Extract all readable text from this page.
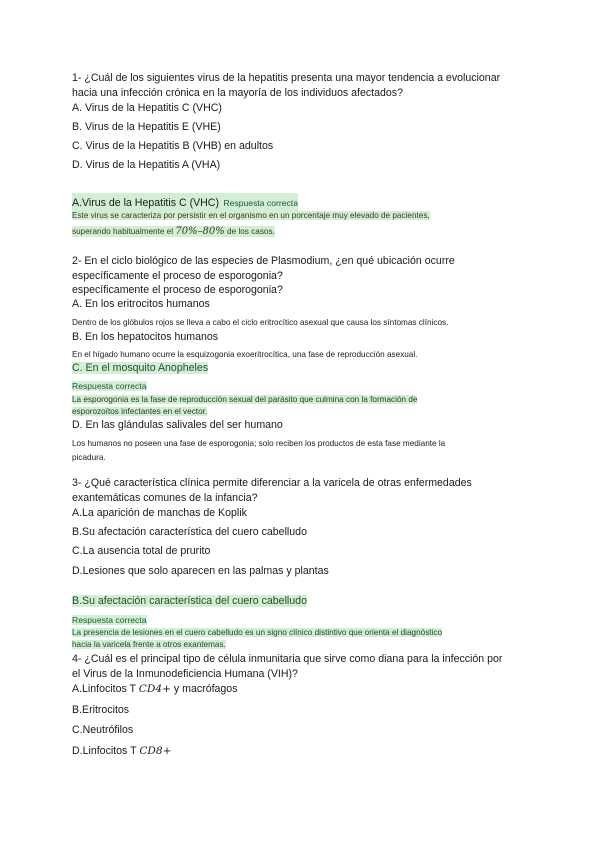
1- ¿Cuál de los siguientes virus de la hepatitis presenta una mayor tendencia a evolucionar
hacia una infección crónica en la mayoría de los individuos afectados?
A. Virus de la Hepatitis C (VHC)
B. Virus de la Hepatitis E (VHE)
C. Virus de la Hepatitis B (VHB) en adultos
D. Virus de la Hepatitis A (VHA)
A.Virus de la Hepatitis C (VHC) Respuesta correcta
Este virus se caracteriza por persistir en el organismo en un porcentaje muy elevado de pacientes,
superando habitualmente el 70%–80% de los casos.
2- En el ciclo biológico de las especies de Plasmodium, ¿en qué ubicación ocurre
específicamente el proceso de esporogonia?
específicamente el proceso de esporogonia?
A. En los eritrocitos humanos
Dentro de los glóbulos rojos se lleva a cabo el ciclo eritrocítico asexual que causa los síntomas clínicos.
B. En los hepatocitos humanos
En el hígado humano ocurre la esquizogonia exoeritrocítica, una fase de reproducción asexual.
C. En el mosquito Anopheles
Respuesta correcta
La esporogonia es la fase de reproducción sexual del parásito que culmina con la formación de
esporozoítos infectantes en el vector.
D. En las glándulas salivales del ser humano
Los humanos no poseen una fase de esporogonia; solo reciben los productos de esta fase mediante la
picadura.
3- ¿Qué característica clínica permite diferenciar a la varicela de otras enfermedades
exantemáticas comunes de la infancia?
A.La aparición de manchas de Koplik
B.Su afectación característica del cuero cabelludo
C.La ausencia total de prurito
D.Lesiones que solo aparecen en las palmas y plantas
B.Su afectación característica del cuero cabelludo
Respuesta correcta
La presencia de lesiones en el cuero cabelludo es un signo clínico distintivo que orienta el diagnóstico
hacia la varicela frente a otros exantemas.
4- ¿Cuál es el principal tipo de célula inmunitaria que sirve como diana para la infección por
el Virus de la Inmunodeficiencia Humana (VIH)?
A.Linfocitos T CD4+ y macrófagos
B.Eritrocitos
C.Neutrófilos
D.Linfocitos T CD8+
